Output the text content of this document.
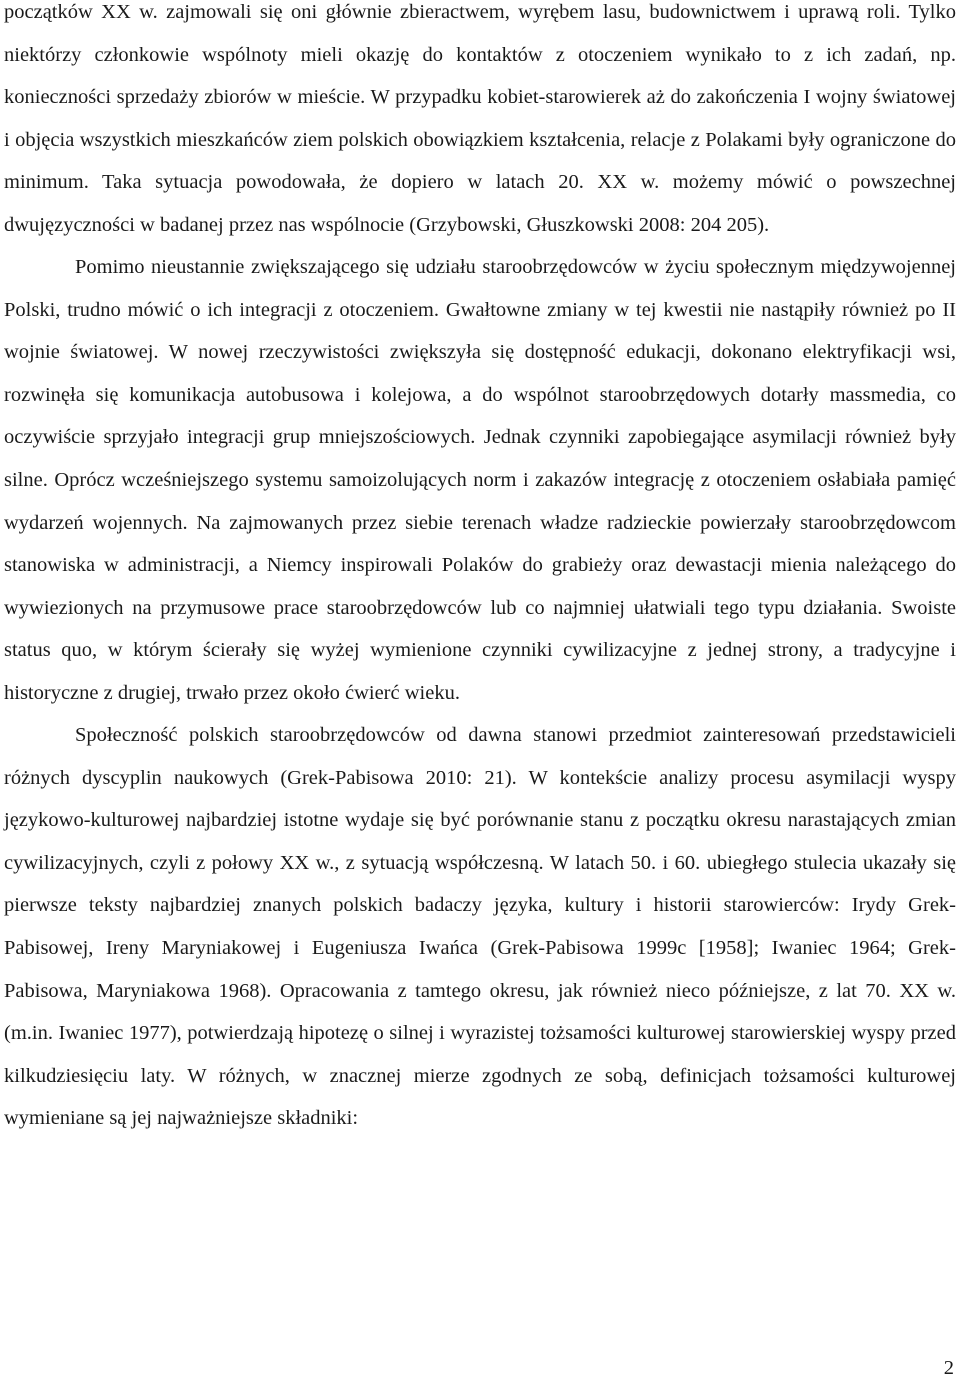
początków XX w. zajmowali się oni głównie zbieractwem, wyrębem lasu, budownictwem i uprawą roli. Tylko niektórzy członkowie wspólnoty mieli okazję do kontaktów z otoczeniem wynikało to z ich zadań, np. konieczności sprzedaży zbiorów w mieście. W przypadku kobiet-starowierek aż do zakończenia I wojny światowej i objęcia wszystkich mieszkańców ziem polskich obowiązkiem kształcenia, relacje z Polakami były ograniczone do minimum. Taka sytuacja powodowała, że dopiero w latach 20. XX w. możemy mówić o powszechnej dwujęzyczności w badanej przez nas wspólnocie (Grzybowski, Głuszkowski 2008: 204 205).

Pomimo nieustannie zwiększającego się udziału staroobrzędowców w życiu społecznym międzywojennej Polski, trudno mówić o ich integracji z otoczeniem. Gwałtowne zmiany w tej kwestii nie nastąpiły również po II wojnie światowej. W nowej rzeczywistości zwiększyła się dostępność edukacji, dokonano elektryfikacji wsi, rozwinęła się komunikacja autobusowa i kolejowa, a do wspólnot staroobrzędowych dotarły massmedia, co oczywiście sprzyjało integracji grup mniejszościowych. Jednak czynniki zapobiegające asymilacji również były silne. Oprócz wcześniejszego systemu samoizolujących norm i zakazów integrację z otoczeniem osłabiała pamięć wydarzeń wojennych. Na zajmowanych przez siebie terenach władze radzieckie powierzały staroobrzędowcom stanowiska w administracji, a Niemcy inspirowali Polaków do grabieży oraz dewastacji mienia należącego do wywiezionych na przymusowe prace staroobrzędowców lub co najmniej ułatwiali tego typu działania. Swoiste status quo, w którym ścierały się wyżej wymienione czynniki cywilizacyjne z jednej strony, a tradycyjne i historyczne z drugiej, trwało przez około ćwierć wieku.

Społeczność polskich staroobrzędowców od dawna stanowi przedmiot zainteresowań przedstawicieli różnych dyscyplin naukowych (Grek-Pabisowa 2010: 21). W kontekście analizy procesu asymilacji wyspy językowo-kulturowej najbardziej istotne wydaje się być porównanie stanu z początku okresu narastających zmian cywilizacyjnych, czyli z połowy XX w., z sytuacją współczesną. W latach 50. i 60. ubiegłego stulecia ukazały się pierwsze teksty najbardziej znanych polskich badaczy języka, kultury i historii starowierców: Irydy Grek-Pabisowej, Ireny Maryniakowej i Eugeniusza Iwańca (Grek-Pabisowa 1999c [1958]; Iwaniec 1964; Grek-Pabisowa, Maryniakowa 1968). Opracowania z tamtego okresu, jak również nieco późniejsze, z lat 70. XX w. (m.in. Iwaniec 1977), potwierdzają hipotezę o silnej i wyrazistej tożsamości kulturowej starowierskiej wyspy przed kilkudziesięciu laty. W różnych, w znacznej mierze zgodnych ze sobą, definicjach tożsamości kulturowej wymieniane są jej najważniejsze składniki:

2
